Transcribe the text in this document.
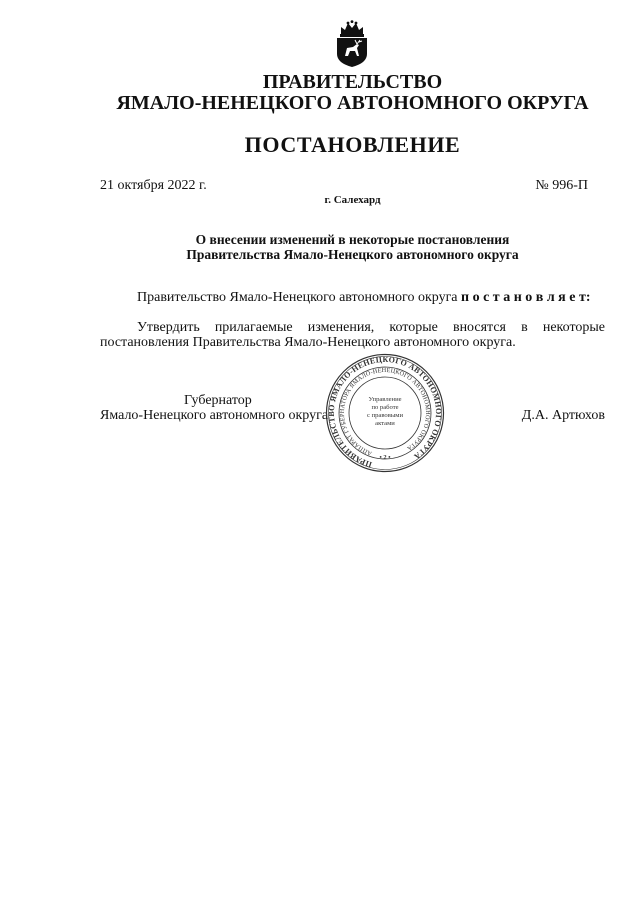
ПРАВИТЕЛЬСТВО
ЯМАЛО-НЕНЕЦКОГО АВТОНОМНОГО ОКРУГА
ПОСТАНОВЛЕНИЕ
21 октября 2022 г.	№ 996-П
г. Салехард
О внесении изменений в некоторые постановления
Правительства Ямало-Ненецкого автономного округа
Правительство Ямало-Ненецкого автономного округа п о с т а н о в л я е т:
Утвердить прилагаемые изменения, которые вносятся в некоторые
постановления Правительства Ямало-Ненецкого автономного округа.
Губернатор
Ямало-Ненецкого автономного округа	Д.А. Артюхов
ПРАВИТЕЛЬСТВО ЯМАЛО-НЕНЕЦКОГО АВТОНОМНОГО ОКРУГА
АППАРАТ ГУБЕРНАТОРА ЯМАЛО-НЕНЕЦКОГО АВТОНОМНОГО ОКРУГА
Управление
по работе
с правовыми
актами
• 2 •
